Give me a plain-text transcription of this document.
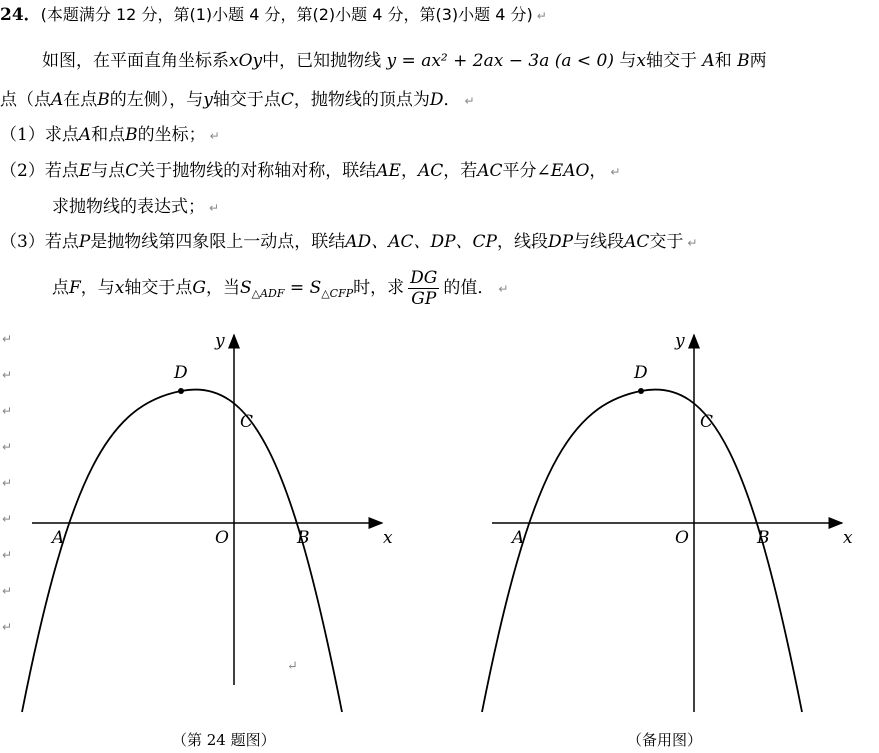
24．(本题满分 12 分，第(1)小题 4 分，第(2)小题 4 分，第(3)小题 4 分) ↵
如图，在平面直角坐标系xOy中，已知抛物线 y = ax² + 2ax − 3a (a < 0) 与x轴交于 A和 B两
点（点A在点B的左侧），与y轴交于点C，抛物线的顶点为D． ↵
（1）求点A和点B的坐标； ↵
（2）若点E与点C关于抛物线的对称轴对称，联结AE，AC，若AC平分∠EAO， ↵
求抛物线的表达式； ↵
（3）若点P是抛物线第四象限上一动点，联结AD、AC、DP、CP，线段DP与线段AC交于 ↵
点F，与x轴交于点G，当$S_{\triangle ADF} = S_{\triangle CFP}$时，求 $\frac{DG}{GP}$ 的值． ↵
↵
↵
↵
↵
↵
↵
↵
↵
↵
D
C
A	O	B	x
y
↵
D
C
A	O	B	x
y
（第 24 题图）	（备用图）
